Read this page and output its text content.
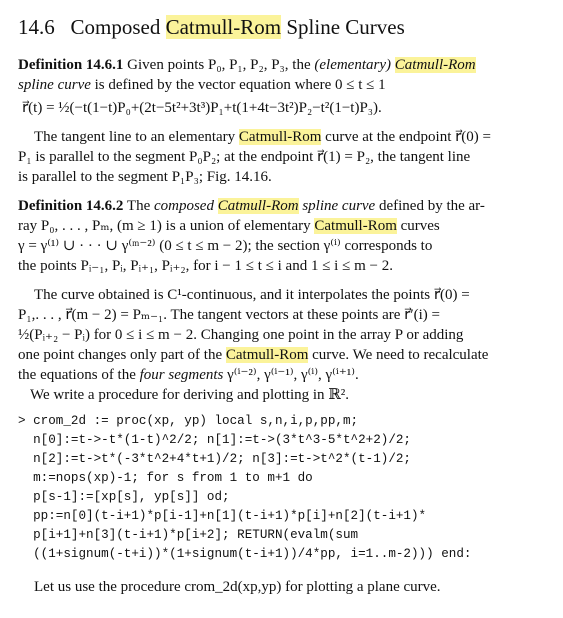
14.6 Composed Catmull-Rom Spline Curves
Definition 14.6.1 Given points P₀, P₁, P₂, P₃, the (elementary) Catmull-Rom
spline curve is defined by the vector equation where 0 ≤ t ≤ 1
r⃗(t) = ½(−t(1−t)P₀+(2t−5t²+3t³)P₁+t(1+4t−3t²)P₂−t²(1−t)P₃).
The tangent line to an elementary Catmull-Rom curve at the endpoint r⃗(0) =
P₁ is parallel to the segment P₀P₂; at the endpoint r⃗(1) = P₂, the tangent line
is parallel to the segment P₁P₃; Fig. 14.16.
Definition 14.6.2 The composed Catmull-Rom spline curve defined by the ar-
ray P₀, . . . , Pₘ, (m ≥ 1) is a union of elementary Catmull-Rom curves
γ = γ⁽¹⁾ ∪ · · · ∪ γ⁽ᵐ⁻²⁾ (0 ≤ t ≤ m − 2); the section γ⁽ⁱ⁾ corresponds to
the points Pᵢ₋₁, Pᵢ, Pᵢ₊₁, Pᵢ₊₂, for i − 1 ≤ t ≤ i and 1 ≤ i ≤ m − 2.
The curve obtained is C¹-continuous, and it interpolates the points r⃗(0) =
P₁,. . . , r⃗(m − 2) = Pₘ₋₁. The tangent vectors at these points are r⃗′(i) =
½(Pᵢ₊₂ − Pᵢ) for 0 ≤ i ≤ m − 2. Changing one point in the array P or adding
one point changes only part of the Catmull-Rom curve. We need to recalculate
the equations of the four segments γ⁽ⁱ⁻²⁾, γ⁽ⁱ⁻¹⁾, γ⁽ⁱ⁾, γ⁽ⁱ⁺¹⁾.
We write a procedure for deriving and plotting in ℝ².
> crom_2d := proc(xp, yp) local s,n,i,p,pp,m;
n[0]:=t->-t*(1-t)^2/2; n[1]:=t->(3*t^3-5*t^2+2)/2;
n[2]:=t->t*(-3*t^2+4*t+1)/2; n[3]:=t->t^2*(t-1)/2;
m:=nops(xp)-1; for s from 1 to m+1 do
p[s-1]:=[xp[s], yp[s]] od;
pp:=n[0](t-i+1)*p[i-1]+n[1](t-i+1)*p[i]+n[2](t-i+1)*
p[i+1]+n[3](t-i+1)*p[i+2]; RETURN(evalm(sum
((1+signum(-t+i))*(1+signum(t-i+1))/4*pp, i=1..m-2))) end:
Let us use the procedure crom_2d(xp,yp) for plotting a plane curve.
